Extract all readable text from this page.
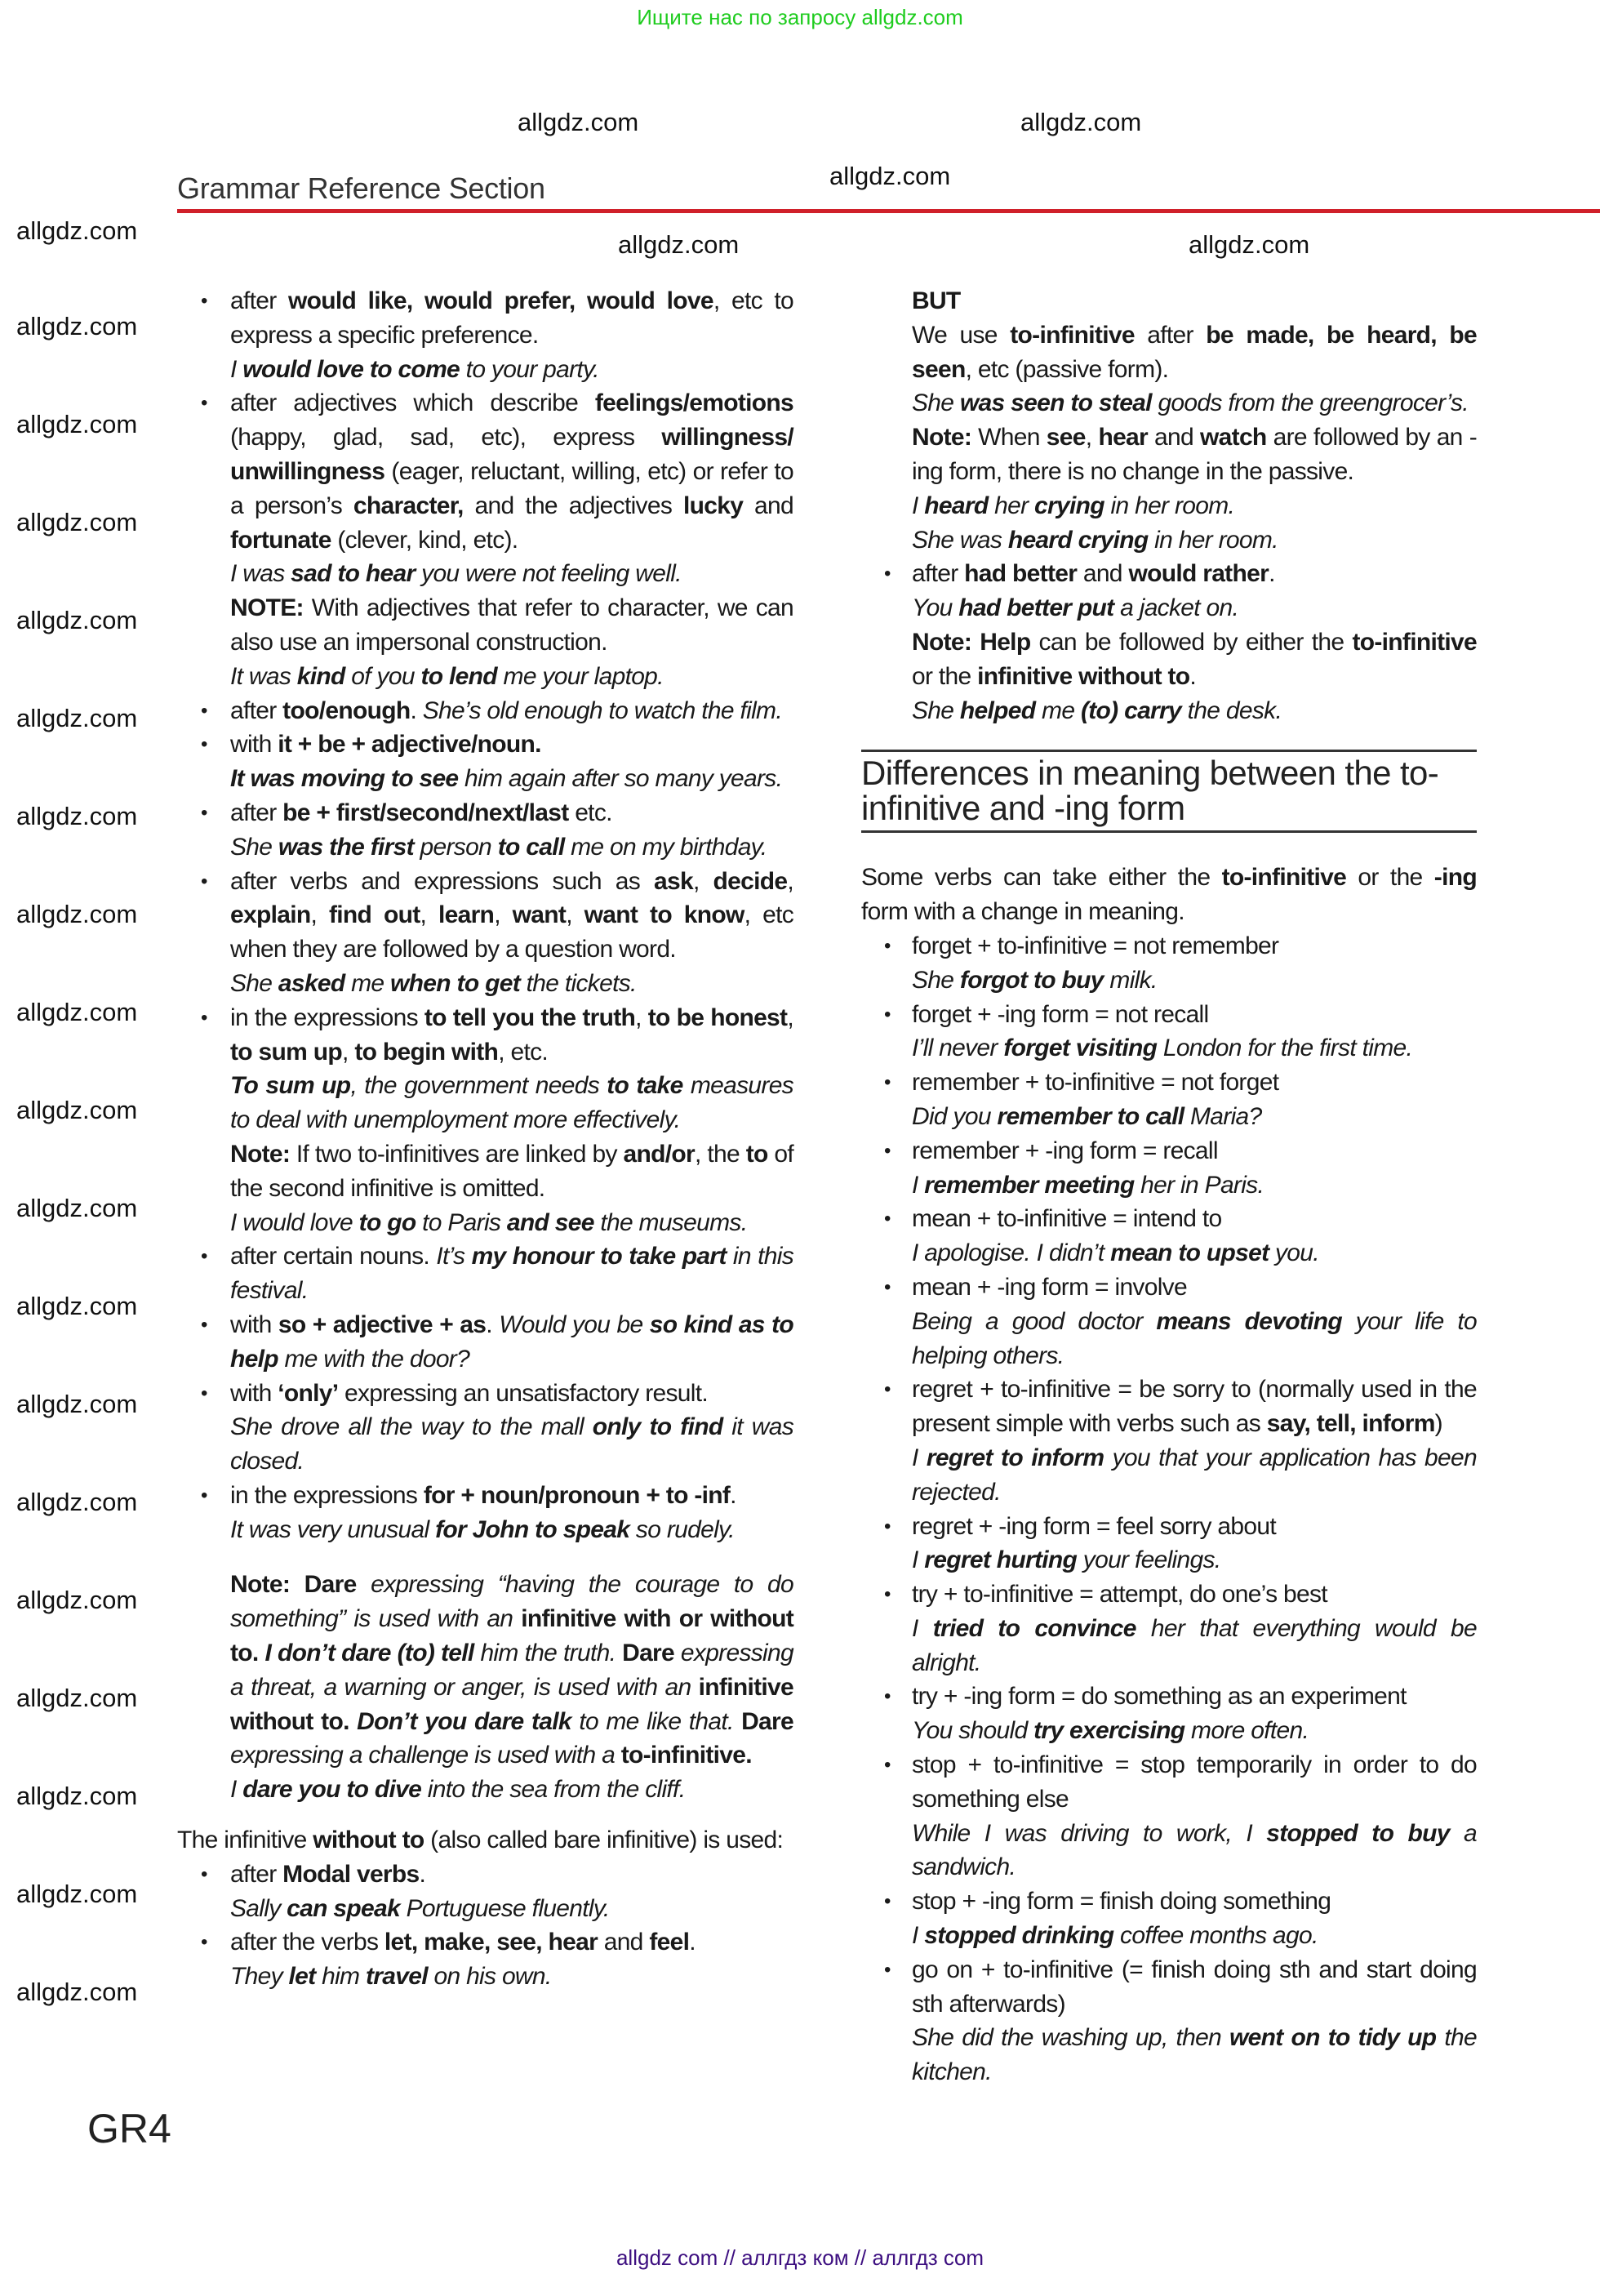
Ищите нас по запросу allgdz.com
Grammar Reference Section

• after would like, would prefer, would love, etc to express a specific preference.

I would love to come to your party.

• after adjectives which describe feelings/emotions (happy, glad, sad, etc), express willingness/ unwillingness (eager, reluctant, willing, etc) or refer to a person’s character, and the adjectives lucky and fortunate (clever, kind, etc).

I was sad to hear you were not feeling well.

NOTE: With adjectives that refer to character, we can also use an impersonal construction.

It was kind of you to lend me your laptop.

• after too/enough. She’s old enough to watch the film.

• with it + be + adjective/noun.

It was moving to see him again after so many years.

• after be + first/second/next/last etc.

She was the first person to call me on my birthday.

• after verbs and expressions such as ask, decide, explain, find out, learn, want, want to know, etc when they are followed by a question word.

She asked me when to get the tickets.

• in the expressions to tell you the truth, to be honest, to sum up, to begin with, etc.

To sum up, the government needs to take measures to deal with unemployment more effectively.

Note: If two to-infinitives are linked by and/or, the to of the second infinitive is omitted.

I would love to go to Paris and see the museums.

• after certain nouns. It’s my honour to take part in this festival.

• with so + adjective + as. Would you be so kind as to help me with the door?

• with ‘only’ expressing an unsatisfactory result.

She drove all the way to the mall only to find it was closed.

• in the expressions for + noun/pronoun + to -inf.

It was very unusual for John to speak so rudely.

Note: Dare expressing “having the courage to do something” is used with an infinitive with or without to. I don’t dare (to) tell him the truth. Dare expressing a threat, a warning or anger, is used with an infinitive without to. Don’t you dare talk to me like that. Dare expressing a challenge is used with a to-infinitive.

I dare you to dive into the sea from the cliff.

The infinitive without to (also called bare infinitive) is used:

• after Modal verbs.

Sally can speak Portuguese fluently.

• after the verbs let, make, see, hear and feel.

They let him travel on his own.

BUT

We use to-infinitive after be made, be heard, be seen, etc (passive form).

She was seen to steal goods from the greengrocer’s.

Note: When see, hear and watch are followed by an -ing form, there is no change in the passive.

I heard her crying in her room.

She was heard crying in her room.

• after had better and would rather.

You had better put a jacket on.

Note: Help can be followed by either the to-infinitive or the infinitive without to.

She helped me (to) carry the desk.

Differences in meaning between the to-infinitive and -ing form

Some verbs can take either the to-infinitive or the -ing form with a change in meaning.

• forget + to-infinitive = not remember

She forgot to buy milk.

• forget + -ing form = not recall

I’ll never forget visiting London for the first time.

• remember + to-infinitive = not forget

Did you remember to call Maria?

• remember + -ing form = recall

I remember meeting her in Paris.

• mean + to-infinitive = intend to

I apologise. I didn’t mean to upset you.

• mean + -ing form = involve

Being a good doctor means devoting your life to helping others.

• regret + to-infinitive = be sorry to (normally used in the present simple with verbs such as say, tell, inform)

I regret to inform you that your application has been rejected.

• regret + -ing form = feel sorry about

I regret hurting your feelings.

• try + to-infinitive = attempt, do one’s best

I tried to convince her that everything would be alright.

• try + -ing form = do something as an experiment

You should try exercising more often.

• stop + to-infinitive = stop temporarily in order to do something else

While I was driving to work, I stopped to buy a sandwich.

• stop + -ing form = finish doing something

I stopped drinking coffee months ago.

• go on + to-infinitive (= finish doing sth and start doing sth afterwards)

She did the washing up, then went on to tidy up the kitchen.

GR4
allgdz.com
allgdz.com
allgdz.com	allgdz.com
allgdz.com
allgdz.com
allgdz.com
allgdz.com
allgdz.com
allgdz.com
allgdz.com
allgdz.com
allgdz.com
allgdz.com
allgdz.com
allgdz.com
allgdz.com
allgdz.com
allgdz.com
allgdz.com
allgdz.com
allgdz.com
allgdz.com
allgdz.com
allgdz com // аллгдз ком // аллгдз com
